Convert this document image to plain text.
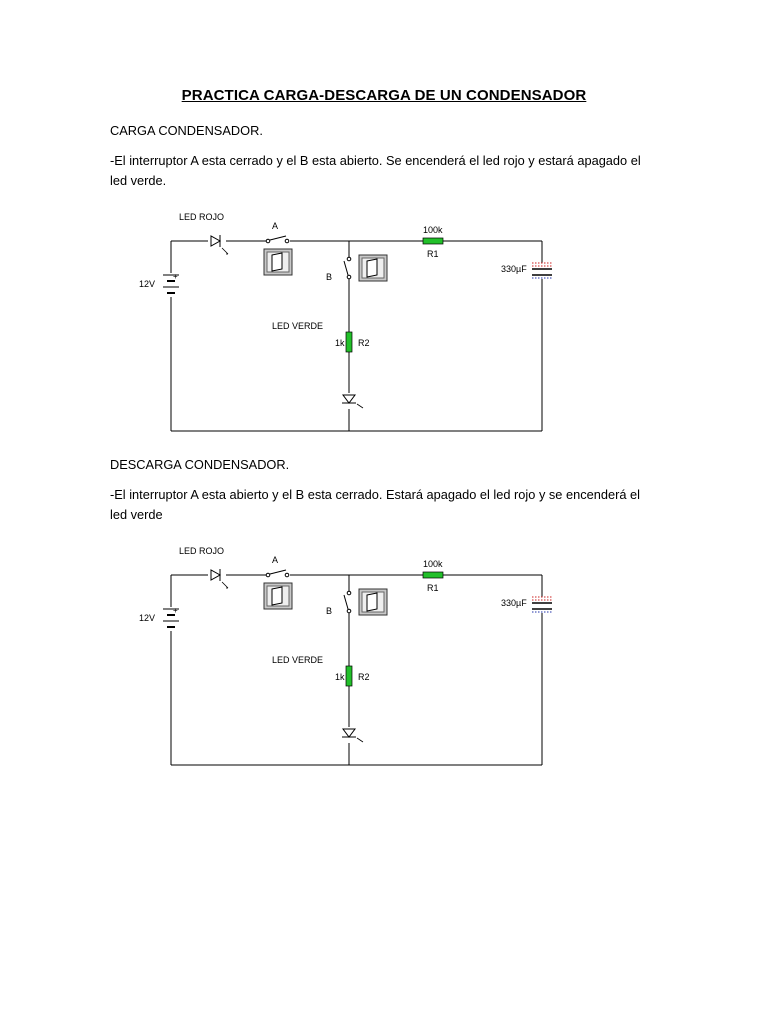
PRACTICA CARGA-DESCARGA DE UN CONDENSADOR
CARGA CONDENSADOR.
-El interruptor A esta cerrado y el B esta abierto. Se encenderá el led rojo y estará apagado el
led verde.
LED ROJO
A
B
+
12V
100k
R1
330µF
LED VERDE
1k R2
DESCARGA CONDENSADOR.
-El interruptor A esta abierto y el B esta cerrado. Estará apagado el led rojo y se encenderá el
led verde
LED ROJO
A
B
+
12V
100k
R1
330µF
LED VERDE
1k R2
